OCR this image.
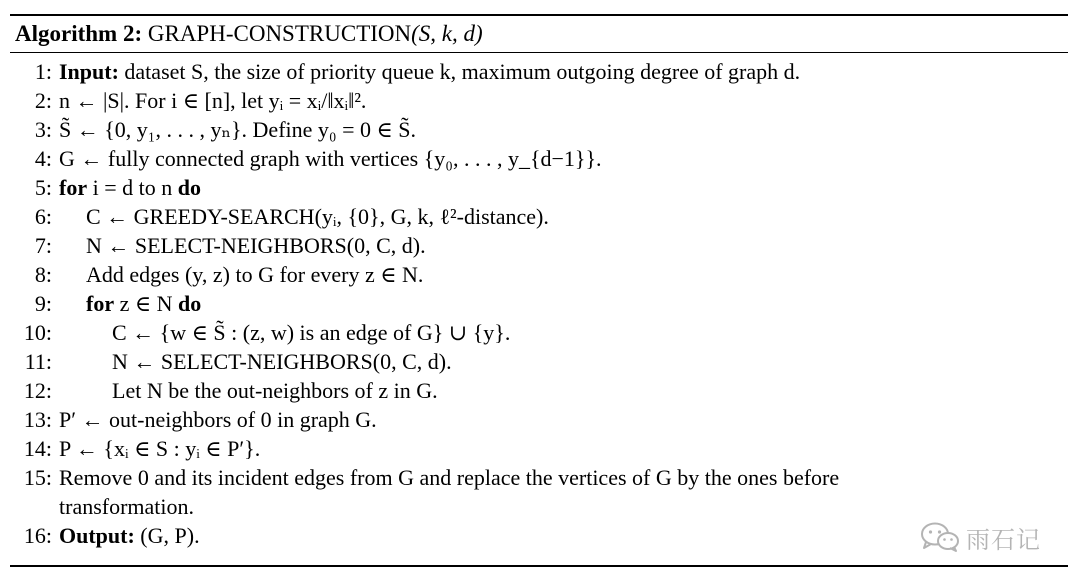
Algorithm 2: GRAPH-CONSTRUCTION(S, k, d)
1: Input: dataset S, the size of priority queue k, maximum outgoing degree of graph d.
2: n ← |S|. For i ∈ [n], let yᵢ = xᵢ/‖xᵢ‖².
3: S̃ ← {0, y₁, . . . , yₙ}. Define y₀ = 0 ∈ S̃.
4: G ← fully connected graph with vertices {y₀, . . . , y_{d−1}}.
5: for i = d to n do
6: C ← GREEDY-SEARCH(yᵢ, {0}, G, k, ℓ²-distance).
7: N ← SELECT-NEIGHBORS(0, C, d).
8: Add edges (y, z) to G for every z ∈ N.
9: for z ∈ N do
10:	C ← {w ∈ S̃ : (z, w) is an edge of G} ∪ {y}.
11:	N ← SELECT-NEIGHBORS(0, C, d).
12:	Let N be the out-neighbors of z in G.
13: P′ ← out-neighbors of 0 in graph G.
14: P ← {xᵢ ∈ S : yᵢ ∈ P′}.
15: Remove 0 and its incident edges from G and replace the vertices of G by the ones before
transformation.
16: Output: (G, P).	雨石记
